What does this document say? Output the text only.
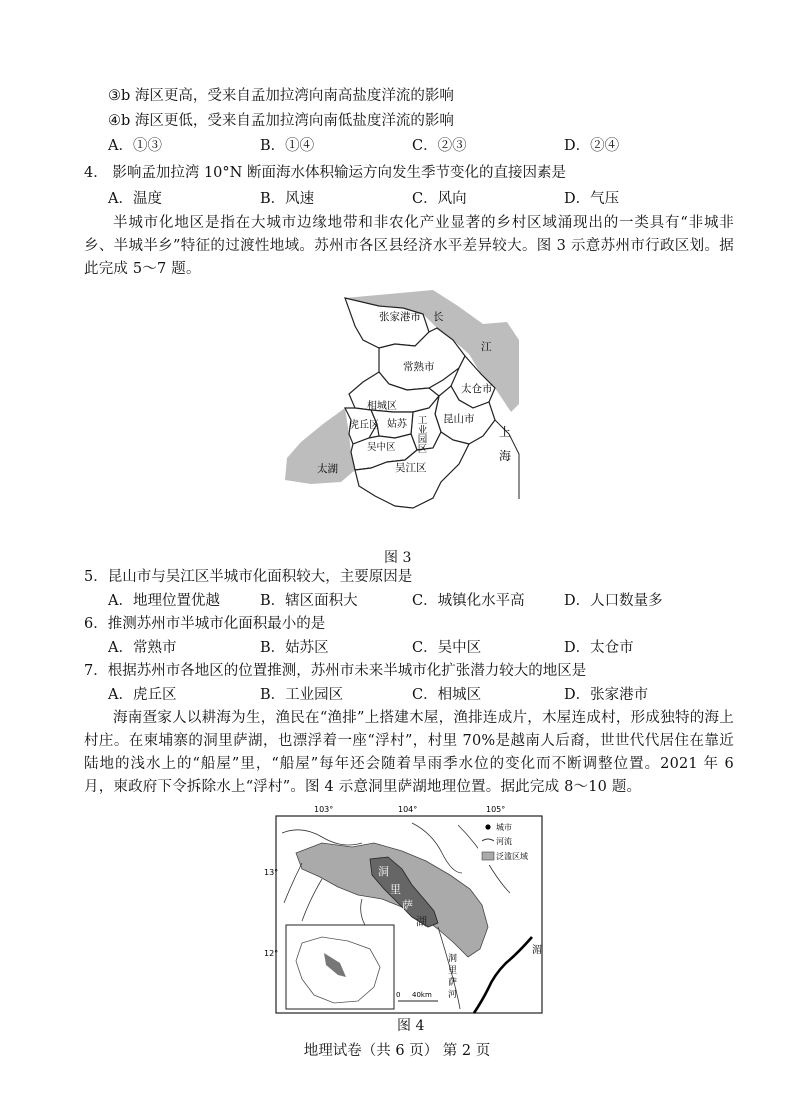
③b 海区更高，受来自孟加拉湾向南高盐度洋流的影响
④b 海区更低，受来自孟加拉湾向南低盐度洋流的影响
A．①③	B．①④	C．②③	D．②④
4． 影响孟加拉湾 10°N 断面海水体积输运方向发生季节变化的直接因素是
A．温度	B．风速	C．风向	D．气压
半城市化地区是指在大城市边缘地带和非农化产业显著的乡村区域涌现出的一类具有“非城非乡、半城半乡”特征的过渡性地域。苏州市各区县经济水平差异较大。图 3 示意苏州市行政区划。据此完成 5～7 题。
张家港市 长
江
常熟市
太仓市
相城区
工业园区 昆山市
虎丘区 姑苏
吴中区
吴江区
太湖
上
海
图 3
5．昆山市与吴江区半城市化面积较大，主要原因是
A．地理位置优越	B．辖区面积大	C．城镇化水平高	D．人口数量多
6．推测苏州市半城市化面积最小的是
A．常熟市	B．姑苏区	C．吴中区	D．太仓市
7．根据苏州市各地区的位置推测，苏州市未来半城市化扩张潜力较大的地区是
A．虎丘区	B．工业园区	C．相城区	D．张家港市
海南疍家人以耕海为生，渔民在“渔排”上搭建木屋，渔排连成片，木屋连成村，形成独特的海上村庄。在柬埔寨的洞里萨湖，也漂浮着一座“浮村”，村里 70%是越南人后裔，世世代代居住在靠近陆地的浅水上的“船屋”里，“船屋”每年还会随着旱雨季水位的变化而不断调整位置。2021 年 6 月，柬政府下令拆除水上“浮村”。图 4 示意洞里萨湖地理位置。据此完成 8～10 题。
103°	104°	105°
13°
12°
洞
里
萨
湖
湄
洞
里
萨
河
0 40km
城市
河流
泛滥区域
图 4
地理试卷（共 6 页） 第 2 页
